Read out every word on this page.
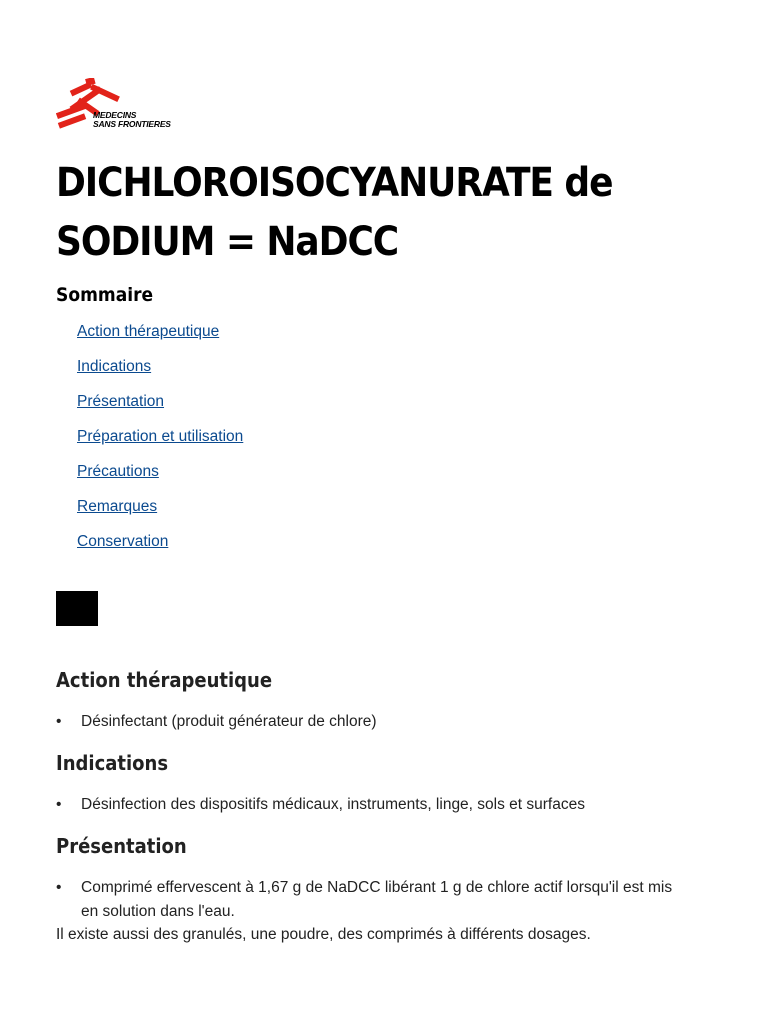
MEDECINS
SANS FRONTIERES
DICHLOROISOCYANURATE de
SODIUM = NaDCC
Sommaire
Action thérapeutique
Indications
Présentation
Préparation et utilisation
Précautions
Remarques
Conservation
Action thérapeutique
• Désinfectant (produit générateur de chlore)
Indications
• Désinfection des dispositifs médicaux, instruments, linge, sols et surfaces
Présentation
• Comprimé effervescent à 1,67 g de NaDCC libérant 1 g de chlore actif lorsqu'il est mis en solution dans l'eau.
Il existe aussi des granulés, une poudre, des comprimés à différents dosages.
